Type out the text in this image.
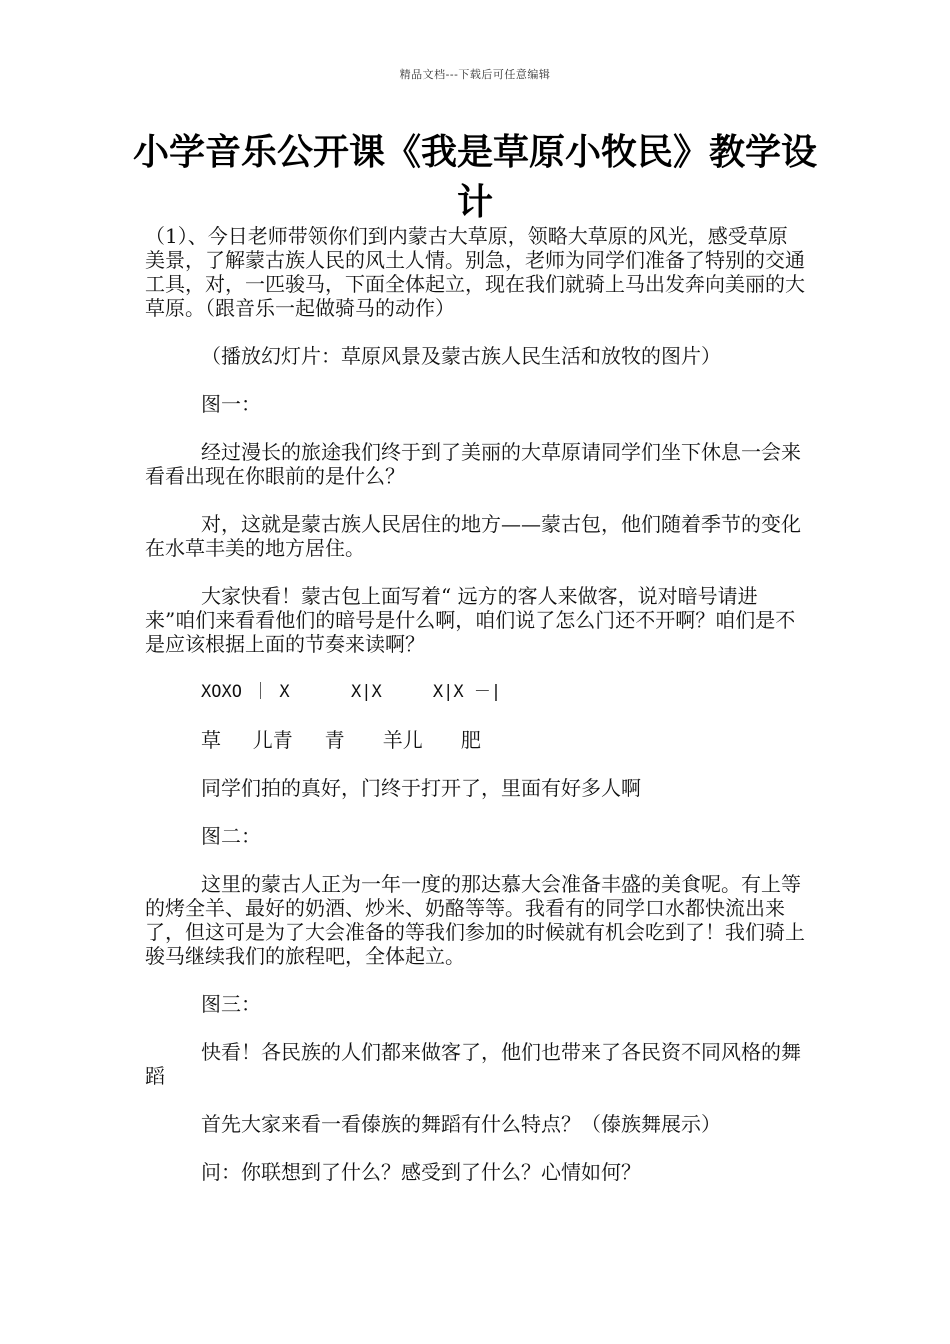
精品文档---下载后可任意编辑
小学音乐公开课《我是草原小牧民》教学设计

（1）、今日老师带领你们到内蒙古大草原，领略大草原的风光，感受草原美景，了解蒙古族人民的风土人情。别急，老师为同学们准备了特别的交通工具，对，一匹骏马，下面全体起立，现在我们就骑上马出发奔向美丽的大草原。（跟音乐一起做骑马的动作）

（播放幻灯片：草原风景及蒙古族人民生活和放牧的图片）

图一：

经过漫长的旅途我们终于到了美丽的大草原请同学们坐下休息一会来看看出现在你眼前的是什么？

对，这就是蒙古族人民居住的地方——蒙古包，他们随着季节的变化在水草丰美的地方居住。

大家快看！蒙古包上面写着“ 远方的客人来做客，说对暗号请进来”咱们来看看他们的暗号是什么啊，咱们说了怎么门还不开啊？咱们是不是应该根据上面的节奏来读啊？

XOXO ｜ X      X|X     X|X －|

草     儿青     青      羊儿      肥

同学们拍的真好，门终于打开了，里面有好多人啊

图二：

这里的蒙古人正为一年一度的那达慕大会准备丰盛的美食呢。有上等的烤全羊、最好的奶酒、炒米、奶酪等等。我看有的同学口水都快流出来了，但这可是为了大会准备的等我们参加的时候就有机会吃到了！我们骑上骏马继续我们的旅程吧，全体起立。

图三：

快看！各民族的人们都来做客了，他们也带来了各民资不同风格的舞蹈

首先大家来看一看傣族的舞蹈有什么特点？（傣族舞展示）

问：你联想到了什么？感受到了什么？心情如何？
